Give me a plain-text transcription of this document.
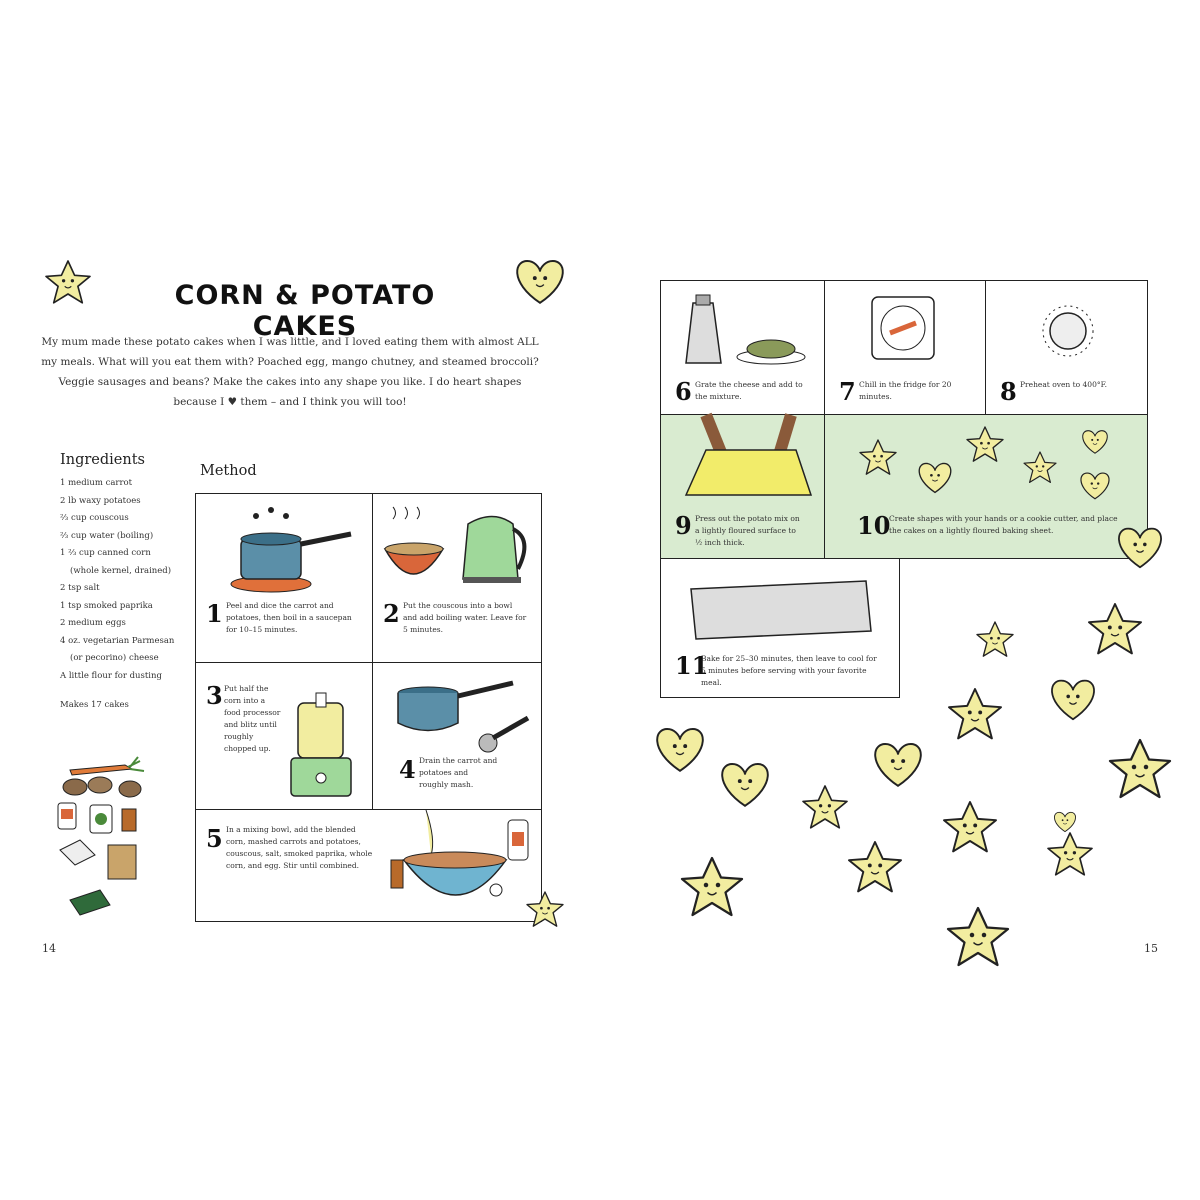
CORN & POTATO CAKES
My mum made these potato cakes when I was little, and I loved eating them with almost ALL my meals. What will you eat them with? Poached egg, mango chutney, and steamed broccoli? Veggie sausages and beans? Make the cakes into any shape you like. I do heart shapes because I ♥ them – and I think you will too!
Ingredients
1 medium carrot
2 lb waxy potatoes
⅔ cup couscous
⅔ cup water (boiling)
1 ⅔ cup canned corn
(whole kernel, drained)
2 tsp salt
1 tsp smoked paprika
2 medium eggs
4 oz. vegetarian Parmesan
(or pecorino) cheese
A little flour for dusting
Makes 17 cakes
Method
1 Peel and dice the carrot and potatoes, then boil in a saucepan for 10–15 minutes.
2 Put the couscous into a bowl and add boiling water. Leave for 5 minutes.
3 Put half the corn into a food processor and blitz until roughly chopped up.
4 Drain the carrot and potatoes and roughly mash.
5 In a mixing bowl, add the blended corn, mashed carrots and potatoes, couscous, salt, smoked paprika, whole corn, and egg. Stir until combined.
14
6 Grate the cheese and add to the mixture.	7 Chill in the fridge for 20 minutes.	8 Preheat oven to 400°F.
9 Press out the potato mix on a lightly floured surface to ½ inch thick.
10
Create shapes with your hands or a cookie cutter, and place the cakes on a lightly floured baking sheet.
11
Bake for 25–30 minutes, then leave to cool for 5 minutes before serving with your favorite meal.
15
